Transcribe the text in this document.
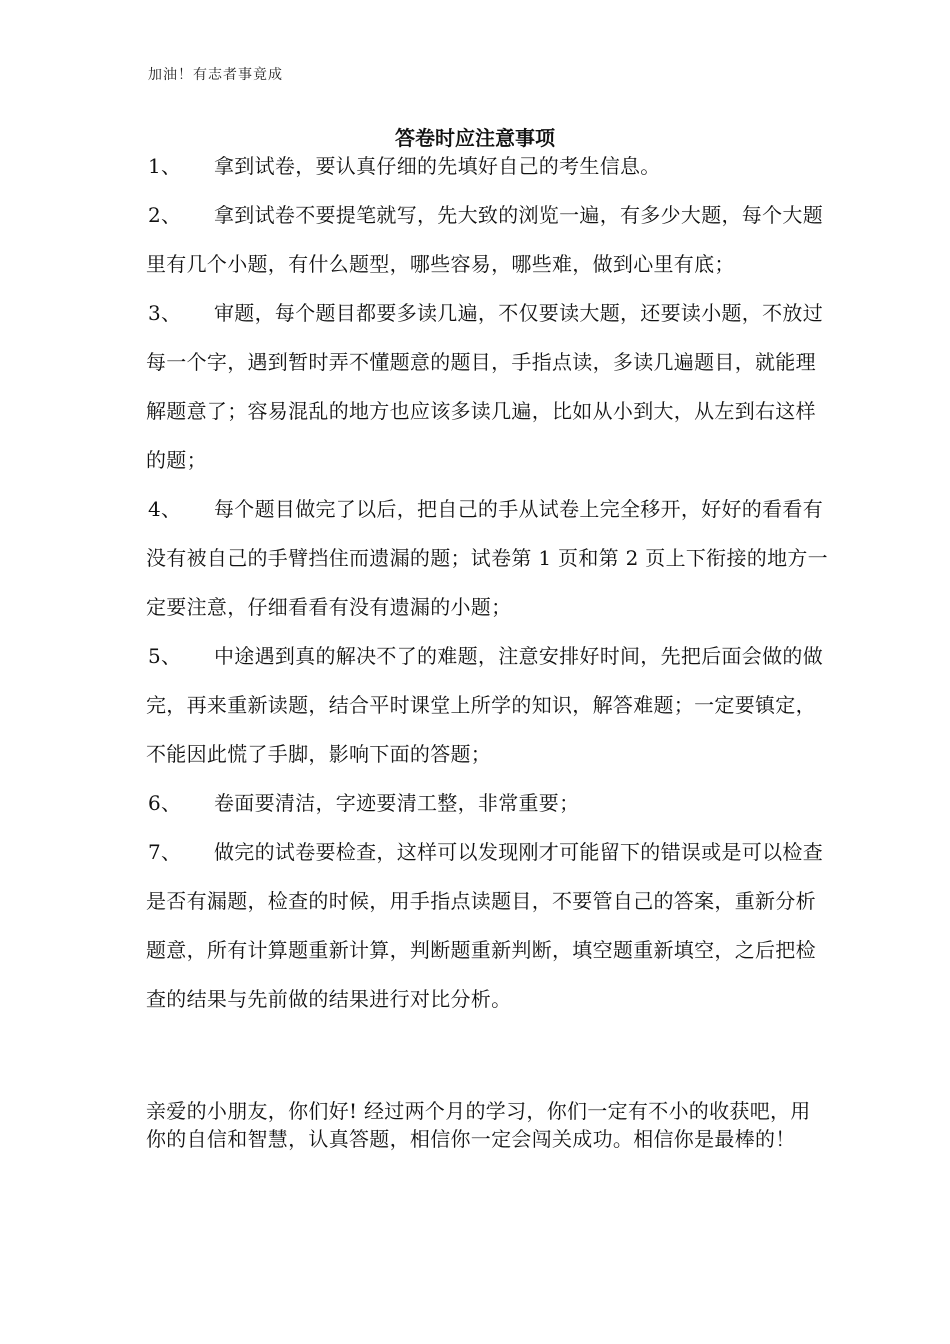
加油！有志者事竟成
答卷时应注意事项

1、 拿到试卷，要认真仔细的先填好自己的考生信息。

2、 拿到试卷不要提笔就写，先大致的浏览一遍，有多少大题，每个大题里有几个小题，有什么题型，哪些容易，哪些难，做到心里有底；

3、 审题，每个题目都要多读几遍，不仅要读大题，还要读小题，不放过每一个字，遇到暂时弄不懂题意的题目，手指点读，多读几遍题目，就能理解题意了；容易混乱的地方也应该多读几遍，比如从小到大，从左到右这样的题；

4、 每个题目做完了以后，把自己的手从试卷上完全移开，好好的看看有没有被自己的手臂挡住而遗漏的题；试卷第 1 页和第 2 页上下衔接的地方一定要注意，仔细看看有没有遗漏的小题；

5、 中途遇到真的解决不了的难题，注意安排好时间，先把后面会做的做完，再来重新读题，结合平时课堂上所学的知识，解答难题；一定要镇定，不能因此慌了手脚，影响下面的答题；

6、 卷面要清洁，字迹要清工整，非常重要；

7、 做完的试卷要检查，这样可以发现刚才可能留下的错误或是可以检查是否有漏题，检查的时候，用手指点读题目，不要管自己的答案，重新分析题意，所有计算题重新计算，判断题重新判断，填空题重新填空，之后把检查的结果与先前做的结果进行对比分析。

亲爱的小朋友，你们好! 经过两个月的学习，你们一定有不小的收获吧，用你的自信和智慧，认真答题，相信你一定会闯关成功。相信你是最棒的！
